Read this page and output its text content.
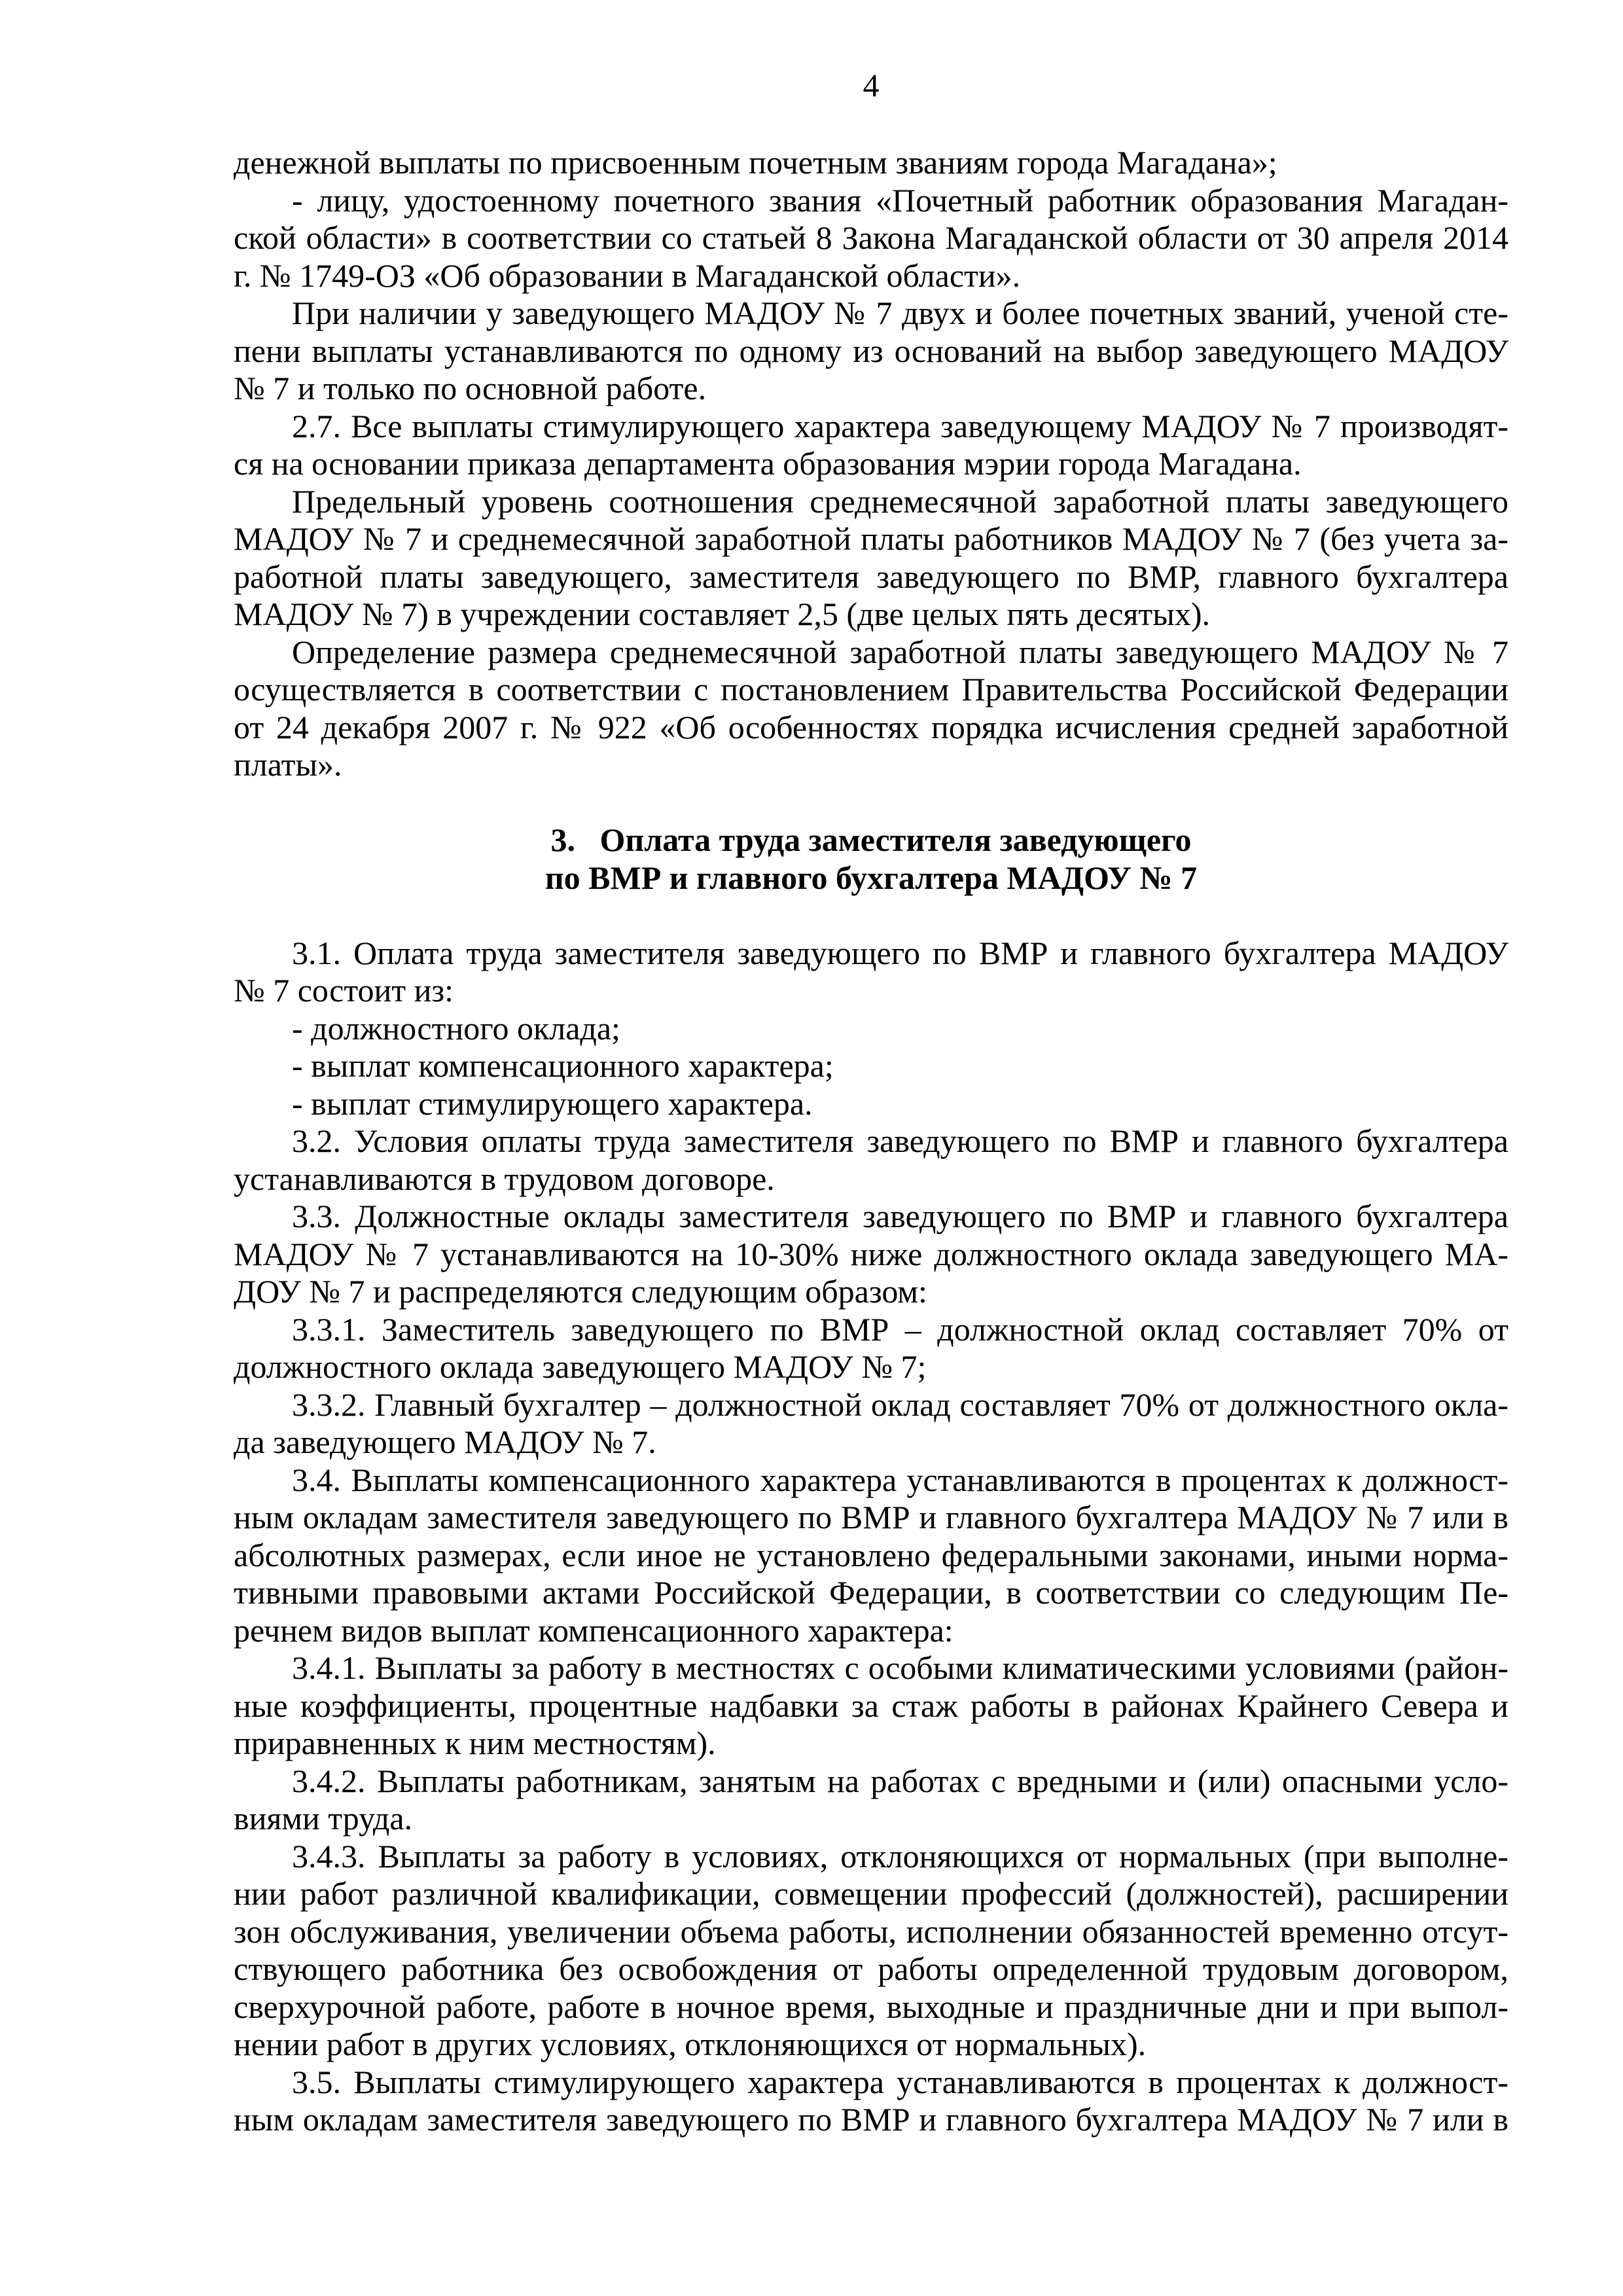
4
денежной выплаты по присвоенным почетным званиям города Магадана»;
- лицу, удостоенному почетного звания «Почетный работник образования Магадан-
ской области» в соответствии со статьей 8 Закона Магаданской области от 30 апреля 2014
г. № 1749-ОЗ «Об образовании в Магаданской области».
При наличии у заведующего МАДОУ № 7 двух и более почетных званий, ученой сте-
пени выплаты устанавливаются по одному из оснований на выбор заведующего МАДОУ
№ 7 и только по основной работе.
2.7. Все выплаты стимулирующего характера заведующему МАДОУ № 7 производят-
ся на основании приказа департамента образования мэрии города Магадана.
Предельный уровень соотношения среднемесячной заработной платы заведующего
МАДОУ № 7 и среднемесячной заработной платы работников МАДОУ № 7 (без учета за-
работной платы заведующего, заместителя заведующего по ВМР, главного бухгалтера
МАДОУ № 7) в учреждении составляет 2,5 (две целых пять десятых).
Определение размера среднемесячной заработной платы заведующего МАДОУ № 7
осуществляется в соответствии с постановлением Правительства Российской Федерации
от 24 декабря 2007 г. № 922 «Об особенностях порядка исчисления средней заработной
платы».
3.   Оплата труда заместителя заведующего
по ВМР и главного бухгалтера МАДОУ № 7
3.1. Оплата труда заместителя заведующего по ВМР и главного бухгалтера МАДОУ
№ 7 состоит из:
- должностного оклада;
- выплат компенсационного характера;
- выплат стимулирующего характера.
3.2. Условия оплаты труда заместителя заведующего по ВМР и главного бухгалтера
устанавливаются в трудовом договоре.
3.3. Должностные оклады заместителя заведующего по ВМР и главного бухгалтера
МАДОУ № 7 устанавливаются на 10-30% ниже должностного оклада заведующего МА-
ДОУ № 7 и распределяются следующим образом:
3.3.1. Заместитель заведующего по ВМР – должностной оклад составляет 70% от
должностного оклада заведующего МАДОУ № 7;
3.3.2. Главный бухгалтер – должностной оклад составляет 70% от должностного окла-
да заведующего МАДОУ № 7.
3.4. Выплаты компенсационного характера устанавливаются в процентах к должност-
ным окладам заместителя заведующего по ВМР и главного бухгалтера МАДОУ № 7 или в
абсолютных размерах, если иное не установлено федеральными законами, иными норма-
тивными правовыми актами Российской Федерации, в соответствии со следующим Пе-
речнем видов выплат компенсационного характера:
3.4.1. Выплаты за работу в местностях с особыми климатическими условиями (район-
ные коэффициенты, процентные надбавки за стаж работы в районах Крайнего Севера и
приравненных к ним местностям).
3.4.2. Выплаты работникам, занятым на работах с вредными и (или) опасными усло-
виями труда.
3.4.3. Выплаты за работу в условиях, отклоняющихся от нормальных (при выполне-
нии работ различной квалификации, совмещении профессий (должностей), расширении
зон обслуживания, увеличении объема работы, исполнении обязанностей временно отсут-
ствующего работника без освобождения от работы определенной трудовым договором,
сверхурочной работе, работе в ночное время, выходные и праздничные дни и при выпол-
нении работ в других условиях, отклоняющихся от нормальных).
3.5. Выплаты стимулирующего характера устанавливаются в процентах к должност-
ным окладам заместителя заведующего по ВМР и главного бухгалтера МАДОУ № 7 или в
